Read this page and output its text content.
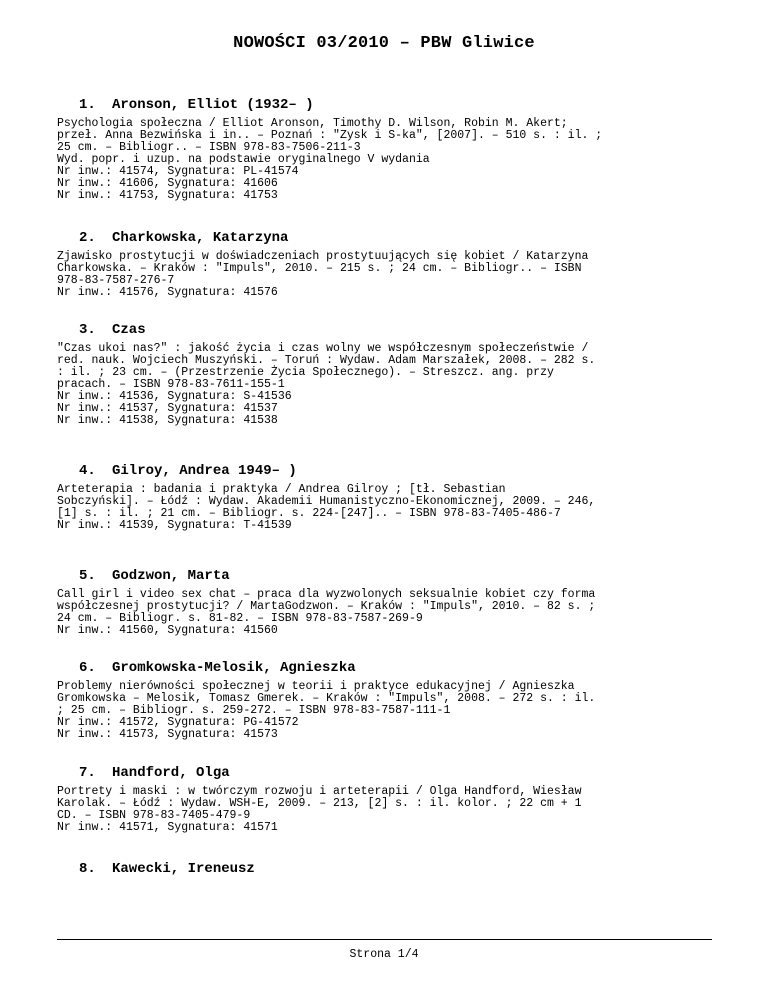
NOWOŚCI 03/2010 – PBW Gliwice
1. Aronson, Elliot (1932– )
Psychologia społeczna / Elliot Aronson, Timothy D. Wilson, Robin M. Akert;
przeł. Anna Bezwińska i in.. – Poznań : "Zysk i S-ka", [2007]. – 510 s. : il. ;
25 cm. – Bibliogr.. – ISBN 978-83-7506-211-3
Wyd. popr. i uzup. na podstawie oryginalnego V wydania
Nr inw.: 41574, Sygnatura: PL-41574
Nr inw.: 41606, Sygnatura: 41606
Nr inw.: 41753, Sygnatura: 41753
2. Charkowska, Katarzyna
Zjawisko prostytucji w doświadczeniach prostytuujących się kobiet / Katarzyna
Charkowska. – Kraków : "Impuls", 2010. – 215 s. ; 24 cm. – Bibliogr.. – ISBN
978-83-7587-276-7
Nr inw.: 41576, Sygnatura: 41576
3. Czas
"Czas ukoi nas?" : jakość życia i czas wolny we współczesnym społeczeństwie /
red. nauk. Wojciech Muszyński. – Toruń : Wydaw. Adam Marszałek, 2008. – 282 s.
: il. ; 23 cm. – (Przestrzenie Życia Społecznego). – Streszcz. ang. przy
pracach. – ISBN 978-83-7611-155-1
Nr inw.: 41536, Sygnatura: S-41536
Nr inw.: 41537, Sygnatura: 41537
Nr inw.: 41538, Sygnatura: 41538
4. Gilroy, Andrea 1949– )
Arteterapia : badania i praktyka / Andrea Gilroy ; [tł. Sebastian
Sobczyński]. – Łódź : Wydaw. Akademii Humanistyczno-Ekonomicznej, 2009. – 246,
[1] s. : il. ; 21 cm. – Bibliogr. s. 224-[247].. – ISBN 978-83-7405-486-7
Nr inw.: 41539, Sygnatura: T-41539
5. Godzwon, Marta
Call girl i video sex chat – praca dla wyzwolonych seksualnie kobiet czy forma
współczesnej prostytucji? / MartaGodzwon. – Kraków : "Impuls", 2010. – 82 s. ;
24 cm. – Bibliogr. s. 81-82. – ISBN 978-83-7587-269-9
Nr inw.: 41560, Sygnatura: 41560
6. Gromkowska-Melosik, Agnieszka
Problemy nierówności społecznej w teorii i praktyce edukacyjnej / Agnieszka
Gromkowska – Melosik, Tomasz Gmerek. – Kraków : "Impuls", 2008. – 272 s. : il.
; 25 cm. – Bibliogr. s. 259-272. – ISBN 978-83-7587-111-1
Nr inw.: 41572, Sygnatura: PG-41572
Nr inw.: 41573, Sygnatura: 41573
7. Handford, Olga
Portrety i maski : w twórczym rozwoju i arteterapii / Olga Handford, Wiesław
Karolak. – Łódź : Wydaw. WSH-E, 2009. – 213, [2] s. : il. kolor. ; 22 cm + 1
CD. – ISBN 978-83-7405-479-9
Nr inw.: 41571, Sygnatura: 41571
8. Kawecki, Ireneusz
Strona 1/4
